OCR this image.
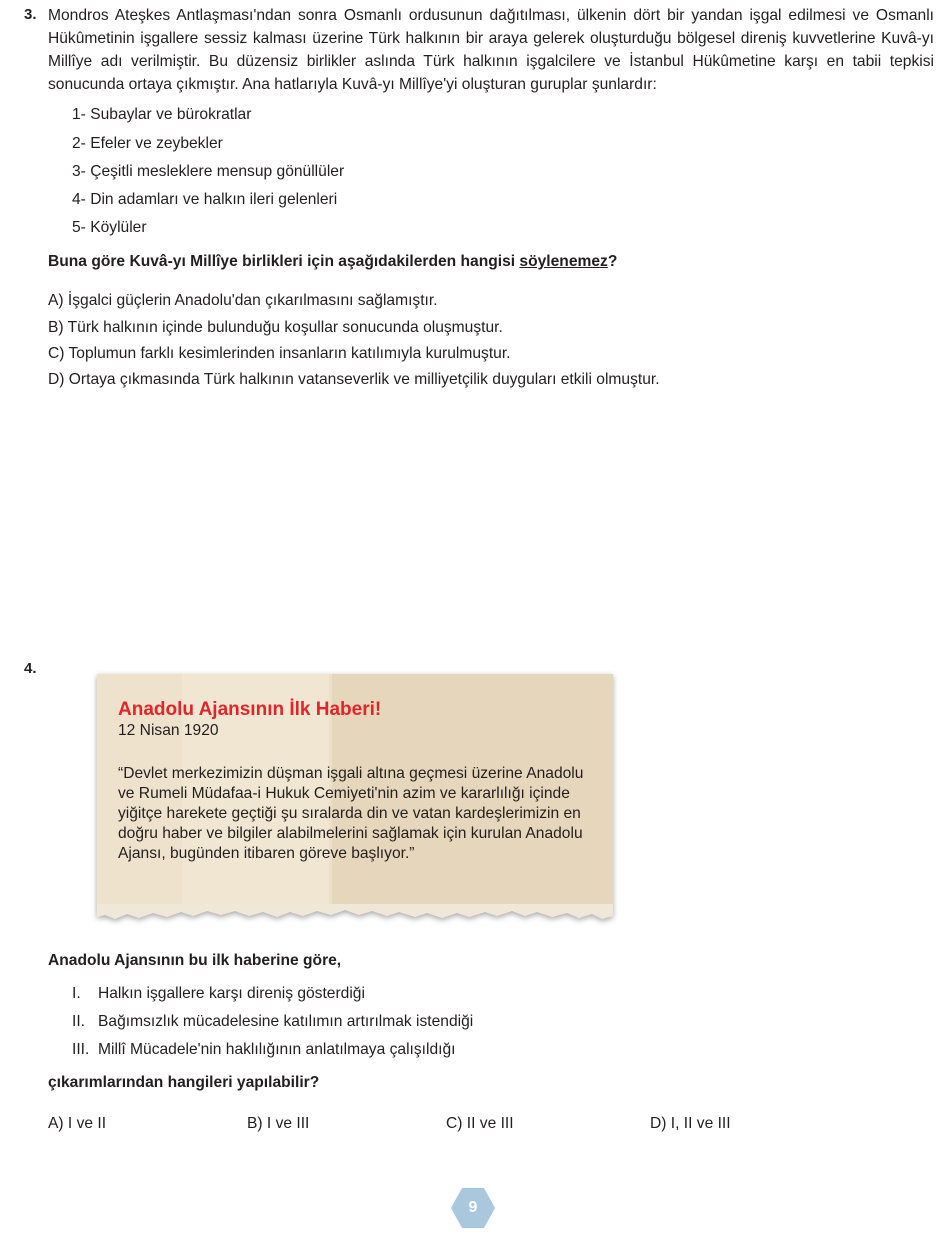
3. Mondros Ateşkes Antlaşması'ndan sonra Osmanlı ordusunun dağıtılması, ülkenin dört bir yandan işgal edilmesi ve Osmanlı Hükûmetinin işgallere sessiz kalması üzerine Türk halkının bir araya gelerek oluşturduğu bölgesel direniş kuvvetlerine Kuvâ-yı Millîye adı verilmiştir. Bu düzensiz birlikler aslında Türk halkının işgalcilere ve İstanbul Hükûmetine karşı en tabii tepkisi sonucunda ortaya çıkmıştır. Ana hatlarıyla Kuvâ-yı Millîye'yi oluşturan guruplar şunlardır:
1- Subaylar ve bürokratlar
2- Efeler ve zeybekler
3- Çeşitli mesleklere mensup gönüllüler
4- Din adamları ve halkın ileri gelenleri
5- Köylüler
Buna göre Kuvâ-yı Millîye birlikleri için aşağıdakilerden hangisi söylenemez?
A) İşgalci güçlerin Anadolu'dan çıkarılmasını sağlamıştır.
B) Türk halkının içinde bulunduğu koşullar sonucunda oluşmuştur.
C) Toplumun farklı kesimlerinden insanların katılımıyla kurulmuştur.
D) Ortaya çıkmasında Türk halkının vatanseverlik ve milliyetçilik duyguları etkili olmuştur.
4.
Anadolu Ajansının İlk Haberi!
12 Nisan 1920
“Devlet merkezimizin düşman işgali altına geçmesi üzerine Anadolu ve Rumeli Müdafaa-i Hukuk Cemiyeti'nin azim ve kararlılığı içinde yiğitçe harekete geçtiği şu sıralarda din ve vatan kardeşlerimizin en doğru haber ve bilgiler alabilmelerini sağlamak için kurulan Anadolu Ajansı, bugünden itibaren göreve başlıyor.”
Anadolu Ajansının bu ilk haberine göre,
I. Halkın işgallere karşı direniş gösterdiği
II. Bağımsızlık mücadelesine katılımın artırılmak istendiği
III. Millî Mücadele'nin haklılığının anlatılmaya çalışıldığı
çıkarımlarından hangileri yapılabilir?
A) I ve II	B) I ve III	C) II ve III	D) I, II ve III
9
